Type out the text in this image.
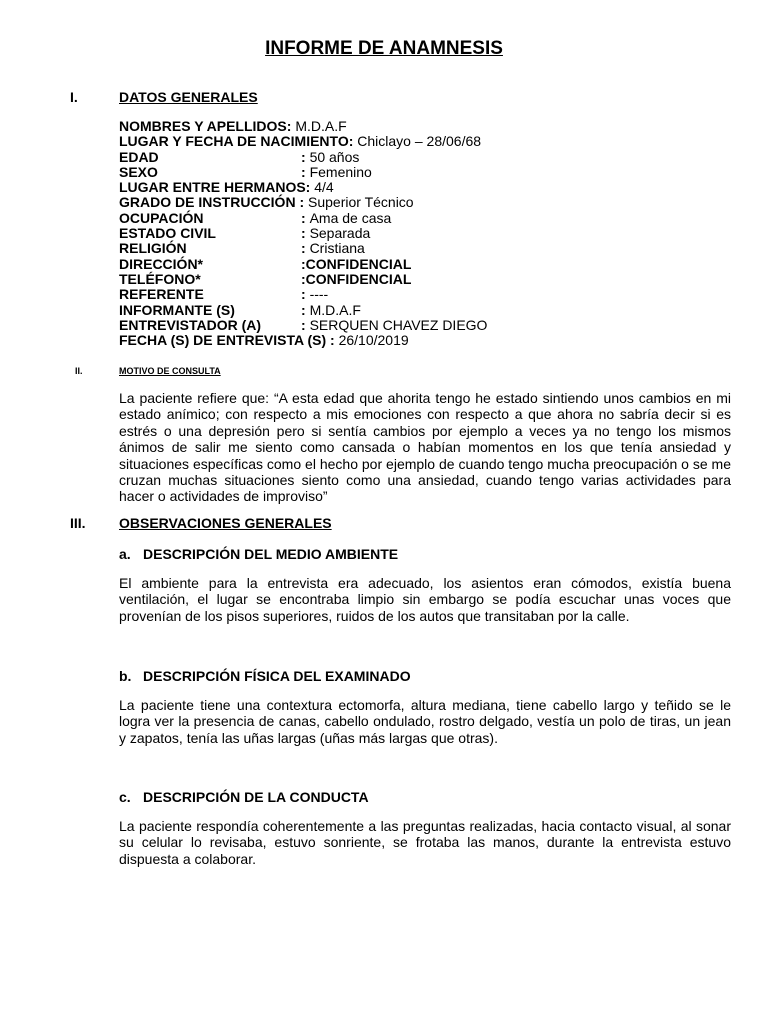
INFORME DE ANAMNESIS
I.	DATOS GENERALES
NOMBRES Y APELLIDOS: M.D.A.F
LUGAR Y FECHA DE NACIMIENTO: Chiclayo – 28/06/68
EDAD	: 50 años
SEXO	: Femenino
LUGAR ENTRE HERMANOS: 4/4
GRADO DE INSTRUCCIÓN : Superior Técnico
OCUPACIÓN	: Ama de casa
ESTADO CIVIL	: Separada
RELIGIÓN	: Cristiana
DIRECCIÓN*	:CONFIDENCIAL
TELÉFONO*	:CONFIDENCIAL
REFERENTE	: ----
INFORMANTE (S)	: M.D.A.F
ENTREVISTADOR (A)	: SERQUEN CHAVEZ DIEGO
FECHA (S) DE ENTREVISTA (S) : 26/10/2019
II.	MOTIVO DE CONSULTA
La paciente refiere que: “A esta edad que ahorita tengo he estado sintiendo unos cambios en mi estado anímico; con respecto a mis emociones con respecto a que ahora no sabría decir si es estrés o una depresión pero si sentía cambios por ejemplo a veces ya no tengo los mismos ánimos de salir me siento como cansada o habían momentos en los que tenía ansiedad y situaciones específicas como el hecho por ejemplo de cuando tengo mucha preocupación o se me cruzan muchas situaciones siento como una ansiedad, cuando tengo varias actividades para hacer o actividades de improviso”
III. OBSERVACIONES GENERALES
a. DESCRIPCIÓN DEL MEDIO AMBIENTE
El ambiente para la entrevista era adecuado, los asientos eran cómodos, existía buena ventilación, el lugar se encontraba limpio sin embargo se podía escuchar unas voces que provenían de los pisos superiores, ruidos de los autos que transitaban por la calle.
b. DESCRIPCIÓN FÍSICA DEL EXAMINADO
La paciente tiene una contextura ectomorfa, altura mediana, tiene cabello largo y teñido se le logra ver la presencia de canas, cabello ondulado, rostro delgado, vestía un polo de tiras, un jean y zapatos, tenía las uñas largas (uñas más largas que otras).
c. DESCRIPCIÓN DE LA CONDUCTA
La paciente respondía coherentemente a las preguntas realizadas, hacia contacto visual, al sonar su celular lo revisaba, estuvo sonriente, se frotaba las manos, durante la entrevista estuvo dispuesta a colaborar.
